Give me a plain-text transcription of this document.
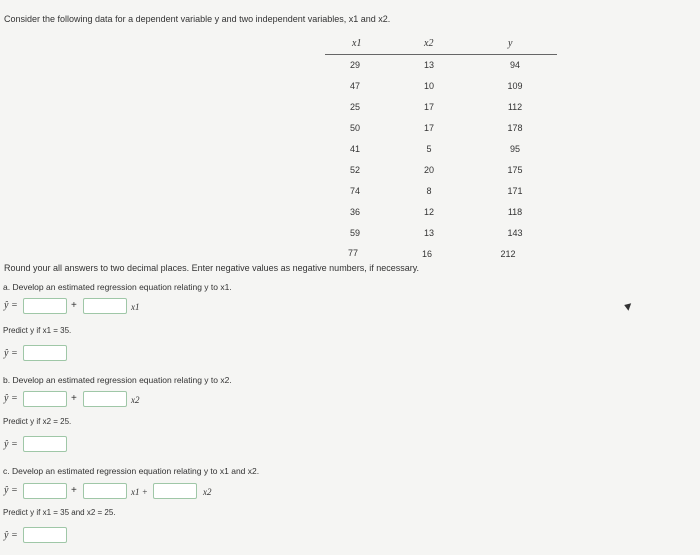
Consider the following data for a dependent variable y and two independent variables, x1 and x2.
x1	x2	y
29	13	94
47	10	109
25	17	112
50	17	178
41	5	95
52	20	175
74	8	171
36	12	118
59	13	143
77	16	212
Round your all answers to two decimal places. Enter negative values as negative numbers, if necessary.
a. Develop an estimated regression equation relating y to x1.
ŷ =	+	x1
Predict y if x1 = 35.
ŷ =
b. Develop an estimated regression equation relating y to x2.
ŷ =	+	x2
Predict y if x2 = 25.
ŷ =
c. Develop an estimated regression equation relating y to x1 and x2.
ŷ =	+	x1 +	x2
Predict y if x1 = 35 and x2 = 25.
ŷ =
